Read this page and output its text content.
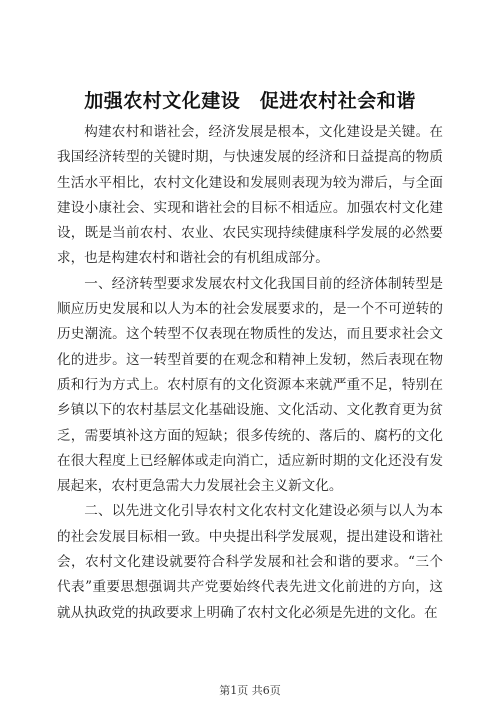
加强农村文化建设　促进农村社会和谐

构建农村和谐社会，经济发展是根本，文化建设是关键。在我国经济转型的关键时期，与快速发展的经济和日益提高的物质生活水平相比，农村文化建设和发展则表现为较为滞后，与全面建设小康社会、实现和谐社会的目标不相适应。加强农村文化建设，既是当前农村、农业、农民实现持续健康科学发展的必然要求，也是构建农村和谐社会的有机组成部分。

一、经济转型要求发展农村文化我国目前的经济体制转型是顺应历史发展和以人为本的社会发展要求的，是一个不可逆转的历史潮流。这个转型不仅表现在物质性的发达，而且要求社会文化的进步。这一转型首要的在观念和精神上发轫，然后表现在物质和行为方式上。农村原有的文化资源本来就严重不足，特别在乡镇以下的农村基层文化基础设施、文化活动、文化教育更为贫乏，需要填补这方面的短缺；很多传统的、落后的、腐朽的文化在很大程度上已经解体或走向消亡，适应新时期的文化还没有发展起来，农村更急需大力发展社会主义新文化。

二、以先进文化引导农村文化农村文化建设必须与以人为本的社会发展目标相一致。中央提出科学发展观，提出建设和谐社会，农村文化建设就要符合科学发展和社会和谐的要求。“三个代表”重要思想强调共产党要始终代表先进文化前进的方向，这就从执政党的执政要求上明确了农村文化必须是先进的文化。在

第1页 共6页
